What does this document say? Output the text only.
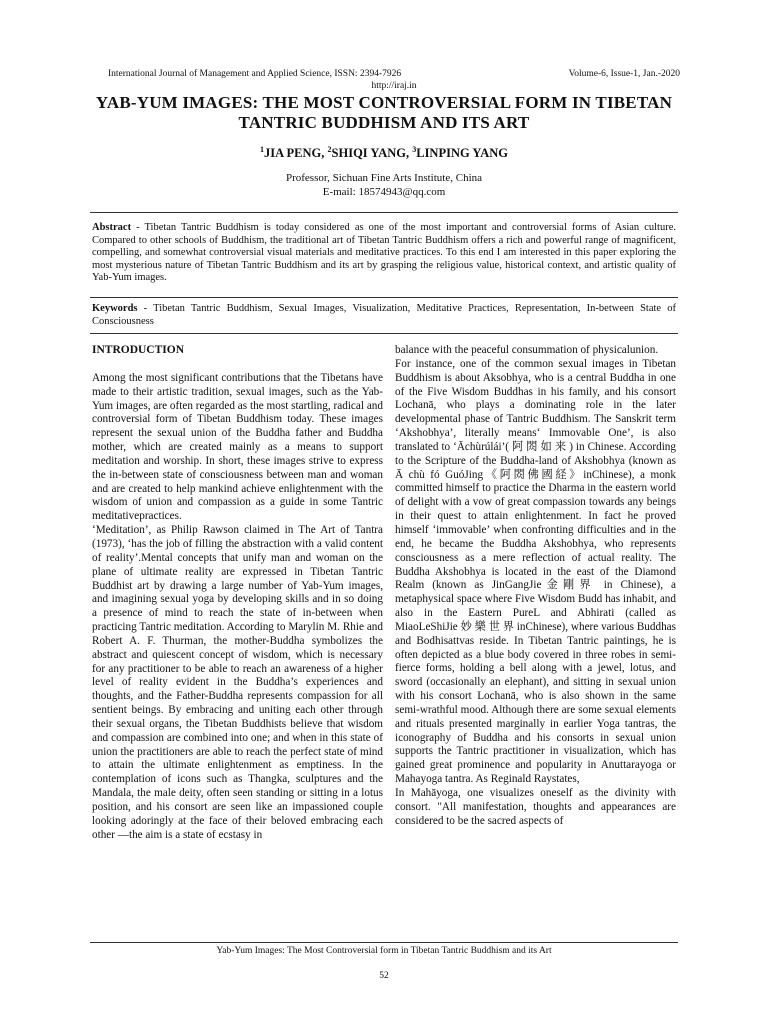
International Journal of Management and Applied Science, ISSN: 2394-7926	Volume-6, Issue-1, Jan.-2020
http://iraj.in
YAB-YUM IMAGES: THE MOST CONTROVERSIAL FORM IN TIBETAN TANTRIC BUDDHISM AND ITS ART
$^1$JIA PENG, $^2$SHIQI YANG, $^3$LINPING YANG
Professor, Sichuan Fine Arts Institute, China
E-mail: 18574943@qq.com
Abstract - Tibetan Tantric Buddhism is today considered as one of the most important and controversial forms of Asian culture. Compared to other schools of Buddhism, the traditional art of Tibetan Tantric Buddhism offers a rich and powerful range of magnificent, compelling, and somewhat controversial visual materials and meditative practices. To this end I am interested in this paper exploring the most mysterious nature of Tibetan Tantric Buddhism and its art by grasping the religious value, historical context, and artistic quality of Yab-Yum images.
Keywords - Tibetan Tantric Buddhism, Sexual Images, Visualization, Meditative Practices, Representation, In-between State of Consciousness

INTRODUCTION

Among the most significant contributions that the Tibetans have made to their artistic tradition, sexual images, such as the Yab-Yum images, are often regarded as the most startling, radical and controversial form of Tibetan Buddhism today. These images represent the sexual union of the Buddha father and Buddha mother, which are created mainly as a means to support meditation and worship. In short, these images strive to express the in-between state of consciousness between man and woman and are created to help mankind achieve enlightenment with the wisdom of union and compassion as a guide in some Tantric meditativepractices.

‘Meditation’, as Philip Rawson claimed in The Art of Tantra (1973), ‘has the job of filling the abstraction with a valid content of reality’.Mental concepts that unify man and woman on the plane of ultimate reality are expressed in Tibetan Tantric Buddhist art by drawing a large number of Yab-Yum images, and imagining sexual yoga by developing skills and in so doing a presence of mind to reach the state of in-between when practicing Tantric meditation. According to Marylin M. Rhie and Robert A. F. Thurman, the mother-Buddha symbolizes the abstract and quiescent concept of wisdom, which is necessary for any practitioner to be able to reach an awareness of a higher level of reality evident in the Buddha’s experiences and thoughts, and the Father-Buddha represents compassion for all sentient beings. By embracing and uniting each other through their sexual organs, the Tibetan Buddhists believe that wisdom and compassion are combined into one; and when in this state of union the practitioners are able to reach the perfect state of mind to attain the ultimate enlightenment as emptiness. In the contemplation of icons such as Thangka, sculptures and the Mandala, the male deity, often seen standing or sitting in a lotus position, and his consort are seen like an impassioned couple looking adoringly at the face of their beloved embracing each other —the aim is a state of ecstasy in

balance with the peaceful consummation of physicalunion.

For instance, one of the common sexual images in Tibetan Buddhism is about Aksobhya, who is a central Buddha in one of the Five Wisdom Buddhas in his family, and his consort Lochanā, who plays a dominating role in the later developmental phase of Tantric Buddhism. The Sanskrit term ‘Akshobhya’, literally means‘ Immovable One’, is also translated to ‘Āchùrúlái’( 阿 閦 如 来 ) in Chinese. According to the Scripture of the Buddha-land of Akshobhya (known as Ā chù fó GuóJing《阿閦佛國経》inChinese), a monk committed himself to practice the Dharma in the eastern world of delight with a vow of great compassion towards any beings in their quest to attain enlightenment. In fact he proved himself ‘immovable’ when confronting difficulties and in the end, he became the Buddha Akshobhya, who represents consciousness as a mere reflection of actual reality. The Buddha Akshobhya is located in the east of the Diamond Realm (known as JinGangJie金剛界 in Chinese), a metaphysical space where Five Wisdom Budd has inhabit, and also in the Eastern PureL and Abhirati (called as MiaoLeShiJie 妙 樂 世 界 inChinese), where various Buddhas and Bodhisattvas reside. In Tibetan Tantric paintings, he is often depicted as a blue body covered in three robes in semi-fierce forms, holding a bell along with a jewel, lotus, and sword (occasionally an elephant), and sitting in sexual union with his consort Lochanā, who is also shown in the same semi-wrathful mood. Although there are some sexual elements and rituals presented marginally in earlier Yoga tantras, the iconography of Buddha and his consorts in sexual union supports the Tantric practitioner in visualization, which has gained great prominence and popularity in Anuttarayoga or Mahayoga tantra. As Reginald Raystates,

In Mahāyoga, one visualizes oneself as the divinity with consort. "All manifestation, thoughts and appearances are considered to be the sacred aspects of

Yab-Yum Images: The Most Controversial form in Tibetan Tantric Buddhism and its Art
52
